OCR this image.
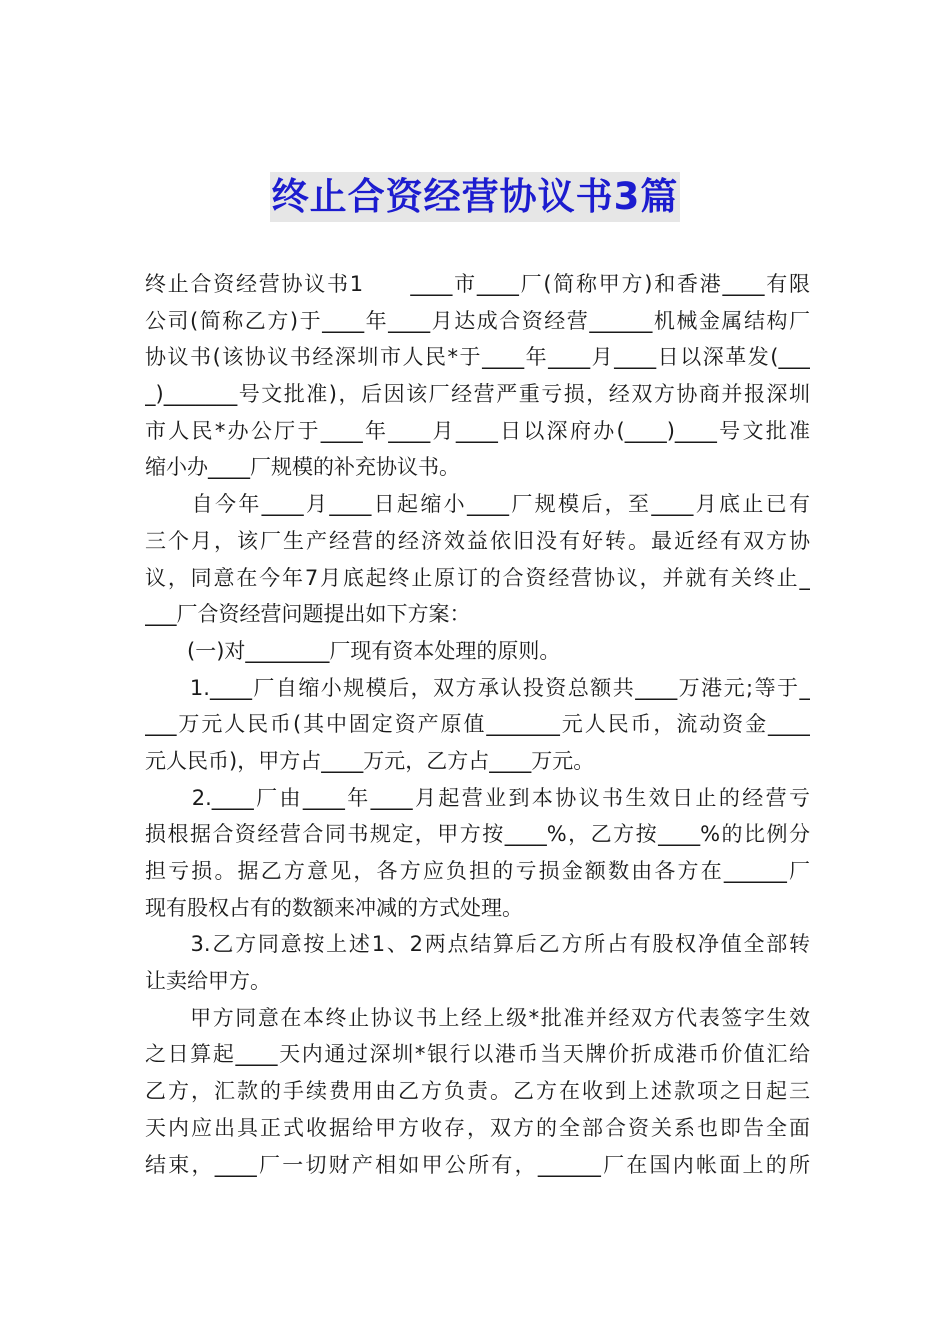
终止合资经营协议书3篇
终止合资经营协议书1　　____市____厂(简称甲方)和香港____有限
公司(简称乙方)于____年____月达成合资经营______机械金属结构厂
协议书(该协议书经深圳市人民*于____年____月____日以深革发(___
_)_______号文批准)，后因该厂经营严重亏损，经双方协商并报深圳
市人民*办公厅于____年____月____日以深府办(____)____号文批准
缩小办____厂规模的补充协议书。
　　自今年____月____日起缩小____厂规模后，至____月底止已有
三个月，该厂生产经营的经济效益依旧没有好转。最近经有双方协
议，同意在今年7月底起终止原订的合资经营协议，并就有关终止_
___厂合资经营问题提出如下方案：
　　(一)对________厂现有资本处理的原则。
　　1.____厂自缩小规模后，双方承认投资总额共____万港元;等于_
___万元人民币(其中固定资产原值_______元人民币，流动资金____
元人民币)，甲方占____万元，乙方占____万元。
　　2.____厂由____年____月起营业到本协议书生效日止的经营亏
损根据合资经营合同书规定，甲方按____%，乙方按____%的比例分
担亏损。据乙方意见，各方应负担的亏损金额数由各方在______厂
现有股权占有的数额来冲减的方式处理。
　　3.乙方同意按上述1、2两点结算后乙方所占有股权净值全部转
让卖给甲方。
　　甲方同意在本终止协议书上经上级*批准并经双方代表签字生效
之日算起____天内通过深圳*银行以港币当天牌价折成港币价值汇给
乙方，汇款的手续费用由乙方负责。乙方在收到上述款项之日起三
天内应出具正式收据给甲方收存，双方的全部合资关系也即告全面
结束，____厂一切财产相如甲公所有，______厂在国内帐面上的所
